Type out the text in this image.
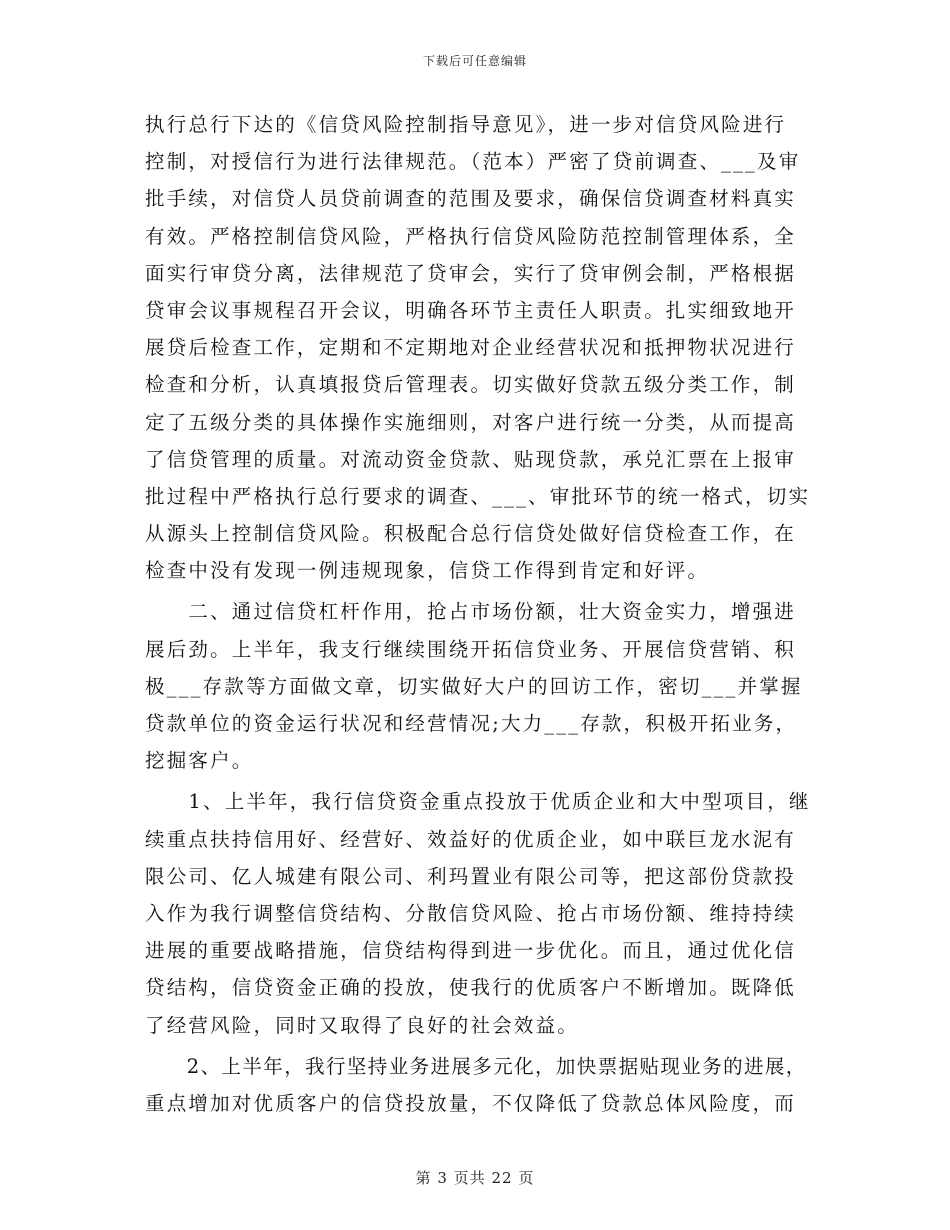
下载后可任意编辑
执行总行下达的《信贷风险控制指导意见》，进一步对信贷风险进行
控制，对授信行为进行法律规范。（范本）严密了贷前调查、___及审
批手续，对信贷人员贷前调查的范围及要求，确保信贷调查材料真实
有效。严格控制信贷风险，严格执行信贷风险防范控制管理体系，全
面实行审贷分离，法律规范了贷审会，实行了贷审例会制，严格根据
贷审会议事规程召开会议，明确各环节主责任人职责。扎实细致地开
展贷后检查工作，定期和不定期地对企业经营状况和抵押物状况进行
检查和分析，认真填报贷后管理表。切实做好贷款五级分类工作，制
定了五级分类的具体操作实施细则，对客户进行统一分类，从而提高
了信贷管理的质量。对流动资金贷款、贴现贷款，承兑汇票在上报审
批过程中严格执行总行要求的调查、___、审批环节的统一格式，切实
从源头上控制信贷风险。积极配合总行信贷处做好信贷检查工作，在
检查中没有发现一例违规现象，信贷工作得到肯定和好评。
　　二、通过信贷杠杆作用，抢占市场份额，壮大资金实力，增强进
展后劲。上半年，我支行继续围绕开拓信贷业务、开展信贷营销、积
极___存款等方面做文章，切实做好大户的回访工作，密切___并掌握
贷款单位的资金运行状况和经营情况;大力___存款，积极开拓业务，
挖掘客户。
　　1、上半年，我行信贷资金重点投放于优质企业和大中型项目，继
续重点扶持信用好、经营好、效益好的优质企业，如中联巨龙水泥有
限公司、亿人城建有限公司、利玛置业有限公司等，把这部份贷款投
入作为我行调整信贷结构、分散信贷风险、抢占市场份额、维持持续
进展的重要战略措施，信贷结构得到进一步优化。而且，通过优化信
贷结构，信贷资金正确的投放，使我行的优质客户不断增加。既降低
了经营风险，同时又取得了良好的社会效益。
　　2、上半年，我行坚持业务进展多元化，加快票据贴现业务的进展，
重点增加对优质客户的信贷投放量，不仅降低了贷款总体风险度，而
第 3 页共 22 页
